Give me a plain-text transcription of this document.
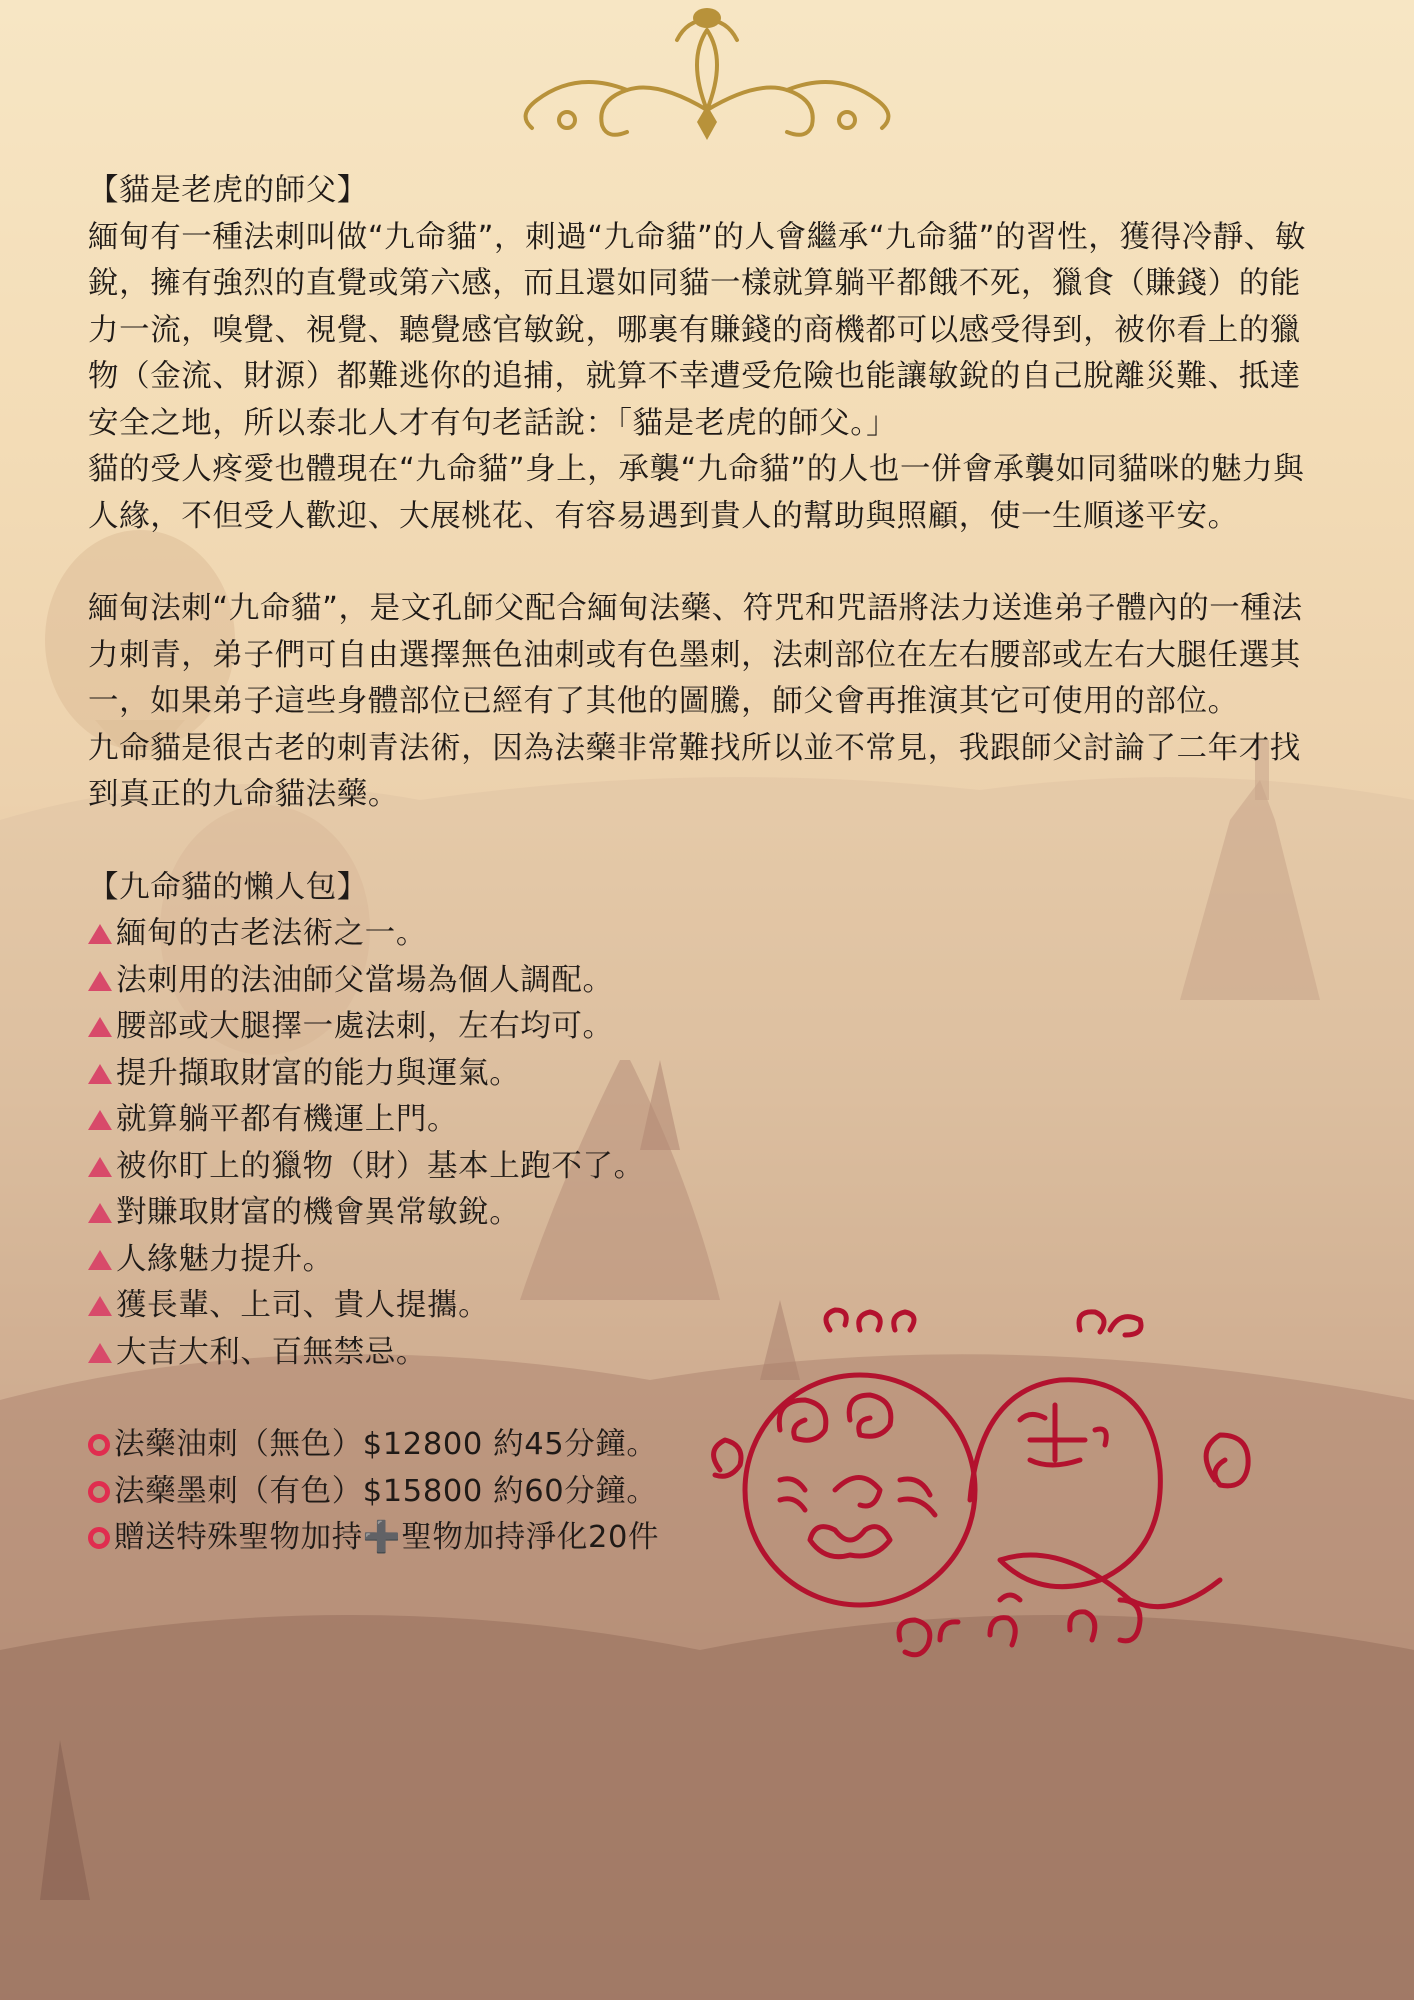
【貓是老虎的師父】

緬甸有一種法刺叫做“九命貓”，刺過“九命貓”的人會繼承“九命貓”的習性，獲得冷靜、敏銳，擁有強烈的直覺或第六感，而且還如同貓一樣就算躺平都餓不死，獵食（賺錢）的能力一流，嗅覺、視覺、聽覺感官敏銳，哪裏有賺錢的商機都可以感受得到，被你看上的獵物（金流、財源）都難逃你的追捕，就算不幸遭受危險也能讓敏銳的自己脫離災難、抵達安全之地，所以泰北人才有句老話說：「貓是老虎的師父。」

貓的受人疼愛也體現在“九命貓”身上，承襲“九命貓”的人也一併會承襲如同貓咪的魅力與人緣，不但受人歡迎、大展桃花、有容易遇到貴人的幫助與照顧，使一生順遂平安。

緬甸法刺“九命貓”，是文孔師父配合緬甸法藥、符咒和咒語將法力送進弟子體內的一種法力刺青，弟子們可自由選擇無色油刺或有色墨刺，法刺部位在左右腰部或左右大腿任選其一，如果弟子這些身體部位已經有了其他的圖騰，師父會再推演其它可使用的部位。

九命貓是很古老的刺青法術，因為法藥非常難找所以並不常見，我跟師父討論了二年才找到真正的九命貓法藥。

【九命貓的懶人包】

緬甸的古老法術之一。
法刺用的法油師父當場為個人調配。
腰部或大腿擇一處法刺，左右均可。
提升擷取財富的能力與運氣。
就算躺平都有機運上門。
被你盯上的獵物（財）基本上跑不了。
對賺取財富的機會異常敏銳。
人緣魅力提升。
獲長輩、上司、貴人提攜。
大吉大利、百無禁忌。
法藥油刺（無色）$12800 約45分鐘。
法藥墨刺（有色）$15800 約60分鐘。
贈送特殊聖物加持 ➕ 聖物加持淨化20件
